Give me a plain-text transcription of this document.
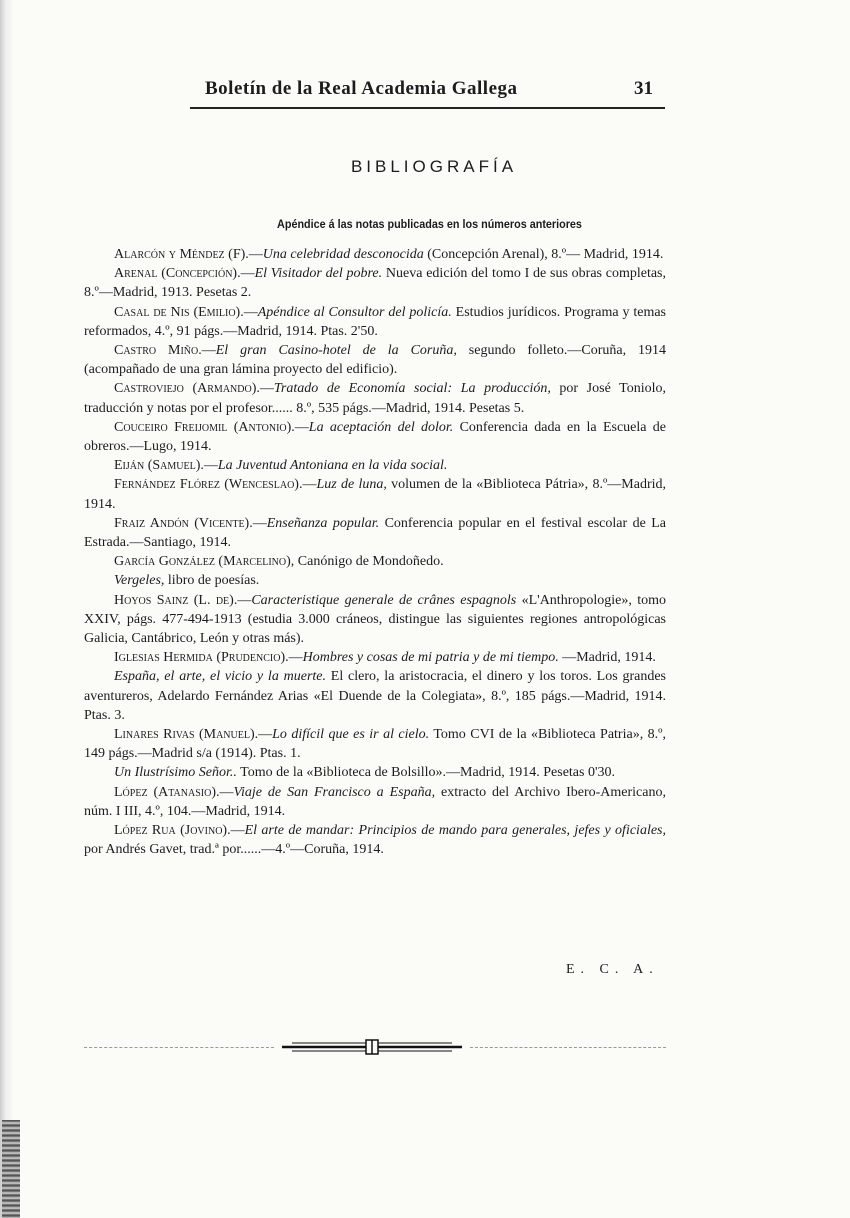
Boletín de la Real Academia Gallega	31
BIBLIOGRAFÍA
Apéndice á las notas publicadas en los números anteriores

Alarcón y Méndez (F).—Una celebridad desconocida (Concepción Arenal), 8.º— Madrid, 1914.

Arenal (Concepción).—El Visitador del pobre. Nueva edición del tomo I de sus obras completas, 8.º—Madrid, 1913. Pesetas 2.

Casal de Nis (Emilio).—Apéndice al Consultor del policía. Estudios jurídicos. Programa y temas reformados, 4.º, 91 págs.—Madrid, 1914. Ptas. 2'50.

Castro Miño.—El gran Casino-hotel de la Coruña, segundo folleto.—Coruña, 1914 (acompañado de una gran lámina proyecto del edificio).

Castroviejo (Armando).—Tratado de Economía social: La producción, por José Toniolo, traducción y notas por el profesor...... 8.º, 535 págs.—Madrid, 1914. Pesetas 5.

Couceiro Freijomil (Antonio).—La aceptación del dolor. Conferencia dada en la Escuela de obreros.—Lugo, 1914.

Eiján (Samuel).—La Juventud Antoniana en la vida social.

Fernández Flórez (Wenceslao).—Luz de luna, volumen de la «Biblioteca Pátria», 8.º—Madrid, 1914.

Fraiz Andón (Vicente).—Enseñanza popular. Conferencia popular en el festival escolar de La Estrada.—Santiago, 1914.

García González (Marcelino), Canónigo de Mondoñedo.

Vergeles, libro de poesías.

Hoyos Sainz (L. de).—Caracteristique generale de crânes espagnols «L'Anthropologie», tomo XXIV, págs. 477-494-1913 (estudia 3.000 cráneos, distingue las siguientes regiones antropológicas Galicia, Cantábrico, León y otras más).

Iglesias Hermida (Prudencio).—Hombres y cosas de mi patria y de mi tiempo. —Madrid, 1914.

España, el arte, el vicio y la muerte. El clero, la aristocracia, el dinero y los toros. Los grandes aventureros, Adelardo Fernández Arias «El Duende de la Colegiata», 8.º, 185 págs.—Madrid, 1914. Ptas. 3.

Linares Rivas (Manuel).—Lo difícil que es ir al cielo. Tomo CVI de la «Biblioteca Patria», 8.º, 149 págs.—Madrid s/a (1914). Ptas. 1.

Un Ilustrísimo Señor.. Tomo de la «Biblioteca de Bolsillo».—Madrid, 1914. Pesetas 0'30.

López (Atanasio).—Viaje de San Francisco a España, extracto del Archivo Ibero-Americano, núm. I III, 4.º, 104.—Madrid, 1914.

López Rua (Jovino).—El arte de mandar: Principios de mando para generales, jefes y oficiales, por Andrés Gavet, trad.ª por......—4.º—Coruña, 1914.

E. C. A.
